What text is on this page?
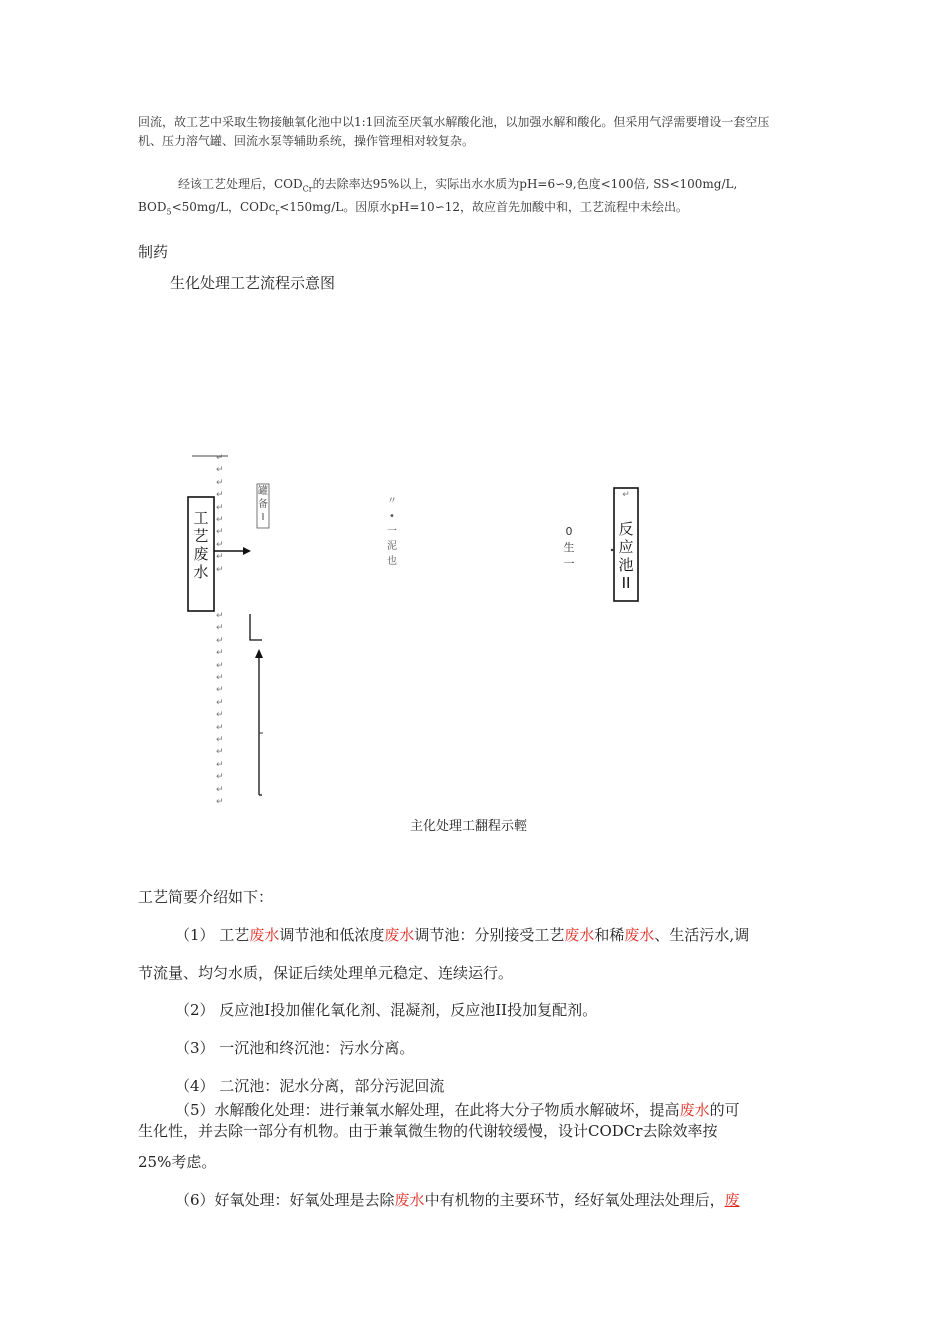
回流，故工艺中采取生物接触氧化池中以1:1回流至厌氧水解酸化池，以加强水解和酸化。但采用气浮需要增设一套空压
机、压力溶气罐、回流水泵等辅助系统，操作管理相对较复杂。
经该工艺处理后，$COD_{Cr}$的去除率达95%以上，实际出水水质为pH=6∽9,色度<100倍, SS<100mg/L,
$BOD_5<50mg/L$，CODc$_r$<150mg/L。因原水pH=10∽12，故应首先加酸中和，工艺流程中未绘出。
制药
生化处理工艺流程示意图
↵
↵
↵
↵
↵
↵
↵
↵
↵
↵
↵
↵
↵
↵
↵
↵
↵
↵
↵
↵
↵
↵
↵
↵
↵
↵
工
艺
废
水
罐
备
I
〃
•
一
泥
也
0
生
一
↵
反
应
池
II
主化处理工翻程示輕
工艺简要介绍如下：
（1） 工艺废水调节池和低浓度废水调节池：分别接受工艺废水和稀废水、生活污水,调
节流量、均匀水质，保证后续处理单元稳定、连续运行。
（2） 反应池I投加催化氧化剂、混凝剂，反应池II投加复配剂。
（3） 一沉池和终沉池：污水分离。
（4） 二沉池：泥水分离，部分污泥回流
（5）水解酸化处理：进行兼氧水解处理，在此将大分子物质水解破坏，提高废水的可
生化性，并去除一部分有机物。由于兼氧微生物的代谢较缓慢，设计CODCr去除效率按
25%考虑。
（6）好氧处理：好氧处理是去除废水中有机物的主要环节，经好氧处理法处理后，废
